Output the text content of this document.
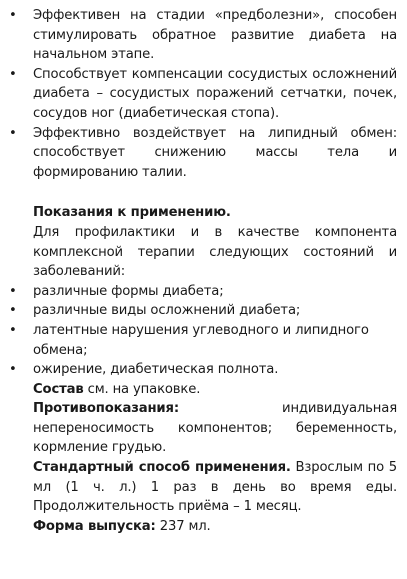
• Эффективен на стадии «предболезни», способен стимулировать обратное развитие диабета на начальном этапе.
• Способствует компенсации сосудистых осложнений диабета – сосудистых поражений сетчатки, почек, сосудов ног (диабетическая стопа).
• Эффективно воздействует на липидный обмен: способствует снижению массы тела и формированию талии.

Показания к применению.

Для профилактики и в качестве компонента комплексной терапии следующих состояний и заболеваний:

• различные формы диабета;
• различные виды осложнений диабета;
• латентные нарушения углеводного и липидного обмена;
• ожирение, диабетическая полнота.

Состав см. на упаковке.

Противопоказания: индивидуальная непереносимость компонентов; беременность, кормление грудью.

Стандартный способ применения. Взрослым по 5 мл (1 ч. л.) 1 раз в день во время еды. Продолжительность приёма – 1 месяц.

Форма выпуска: 237 мл.
